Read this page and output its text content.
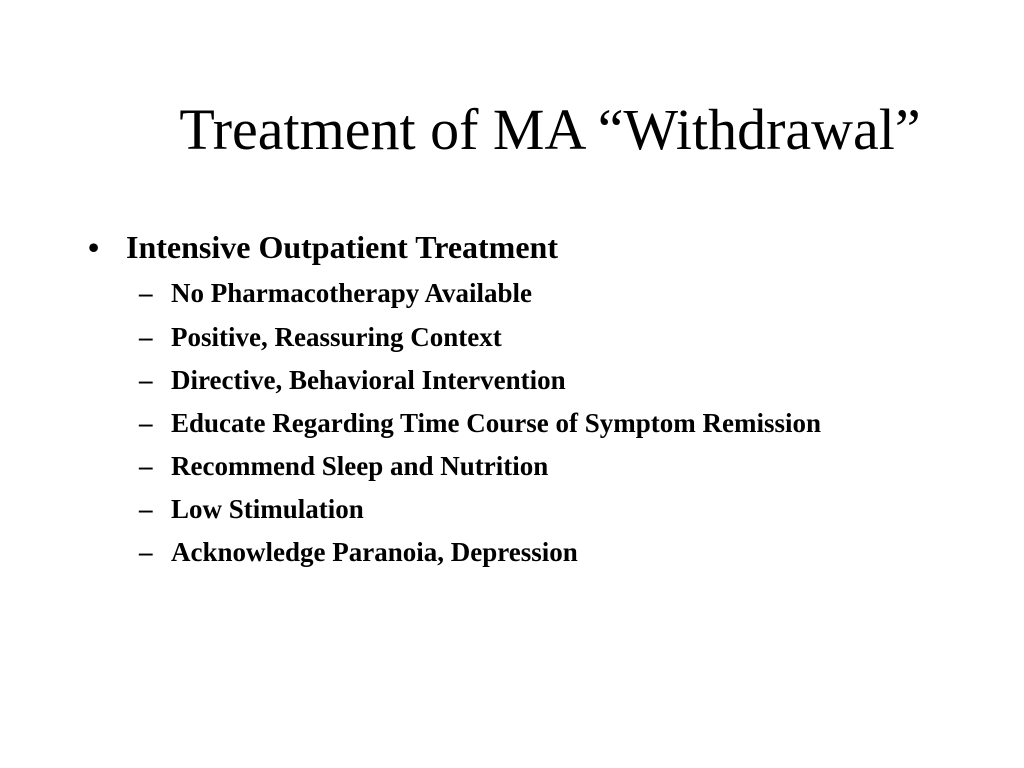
Treatment of MA “Withdrawal”
• Intensive Outpatient Treatment
– No Pharmacotherapy Available
– Positive, Reassuring Context
– Directive, Behavioral Intervention
– Educate Regarding Time Course of Symptom Remission
– Recommend Sleep and Nutrition
– Low Stimulation
– Acknowledge Paranoia, Depression
